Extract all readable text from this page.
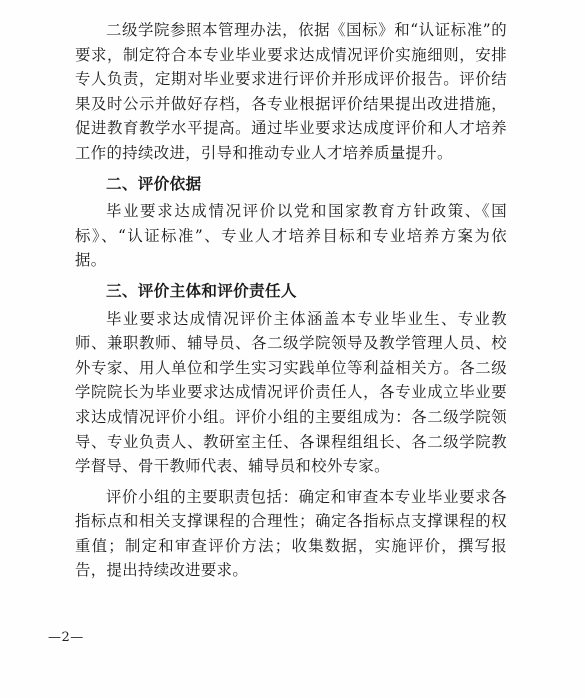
二级学院参照本管理办法，依据《国标》和“认证标准”的要求，制定符合本专业毕业要求达成情况评价实施细则，安排专人负责，定期对毕业要求进行评价并形成评价报告。评价结果及时公示并做好存档，各专业根据评价结果提出改进措施，促进教育教学水平提高。通过毕业要求达成度评价和人才培养工作的持续改进，引导和推动专业人才培养质量提升。

二、评价依据

毕业要求达成情况评价以党和国家教育方针政策、《国标》、“认证标准”、专业人才培养目标和专业培养方案为依据。

三、评价主体和评价责任人

毕业要求达成情况评价主体涵盖本专业毕业生、专业教师、兼职教师、辅导员、各二级学院领导及教学管理人员、校外专家、用人单位和学生实习实践单位等利益相关方。各二级学院院长为毕业要求达成情况评价责任人，各专业成立毕业要求达成情况评价小组。评价小组的主要组成为：各二级学院领导、专业负责人、教研室主任、各课程组组长、各二级学院教学督导、骨干教师代表、辅导员和校外专家。

评价小组的主要职责包括：确定和审查本专业毕业要求各指标点和相关支撑课程的合理性；确定各指标点支撑课程的权重值；制定和审查评价方法；收集数据，实施评价，撰写报告，提出持续改进要求。

—2—
